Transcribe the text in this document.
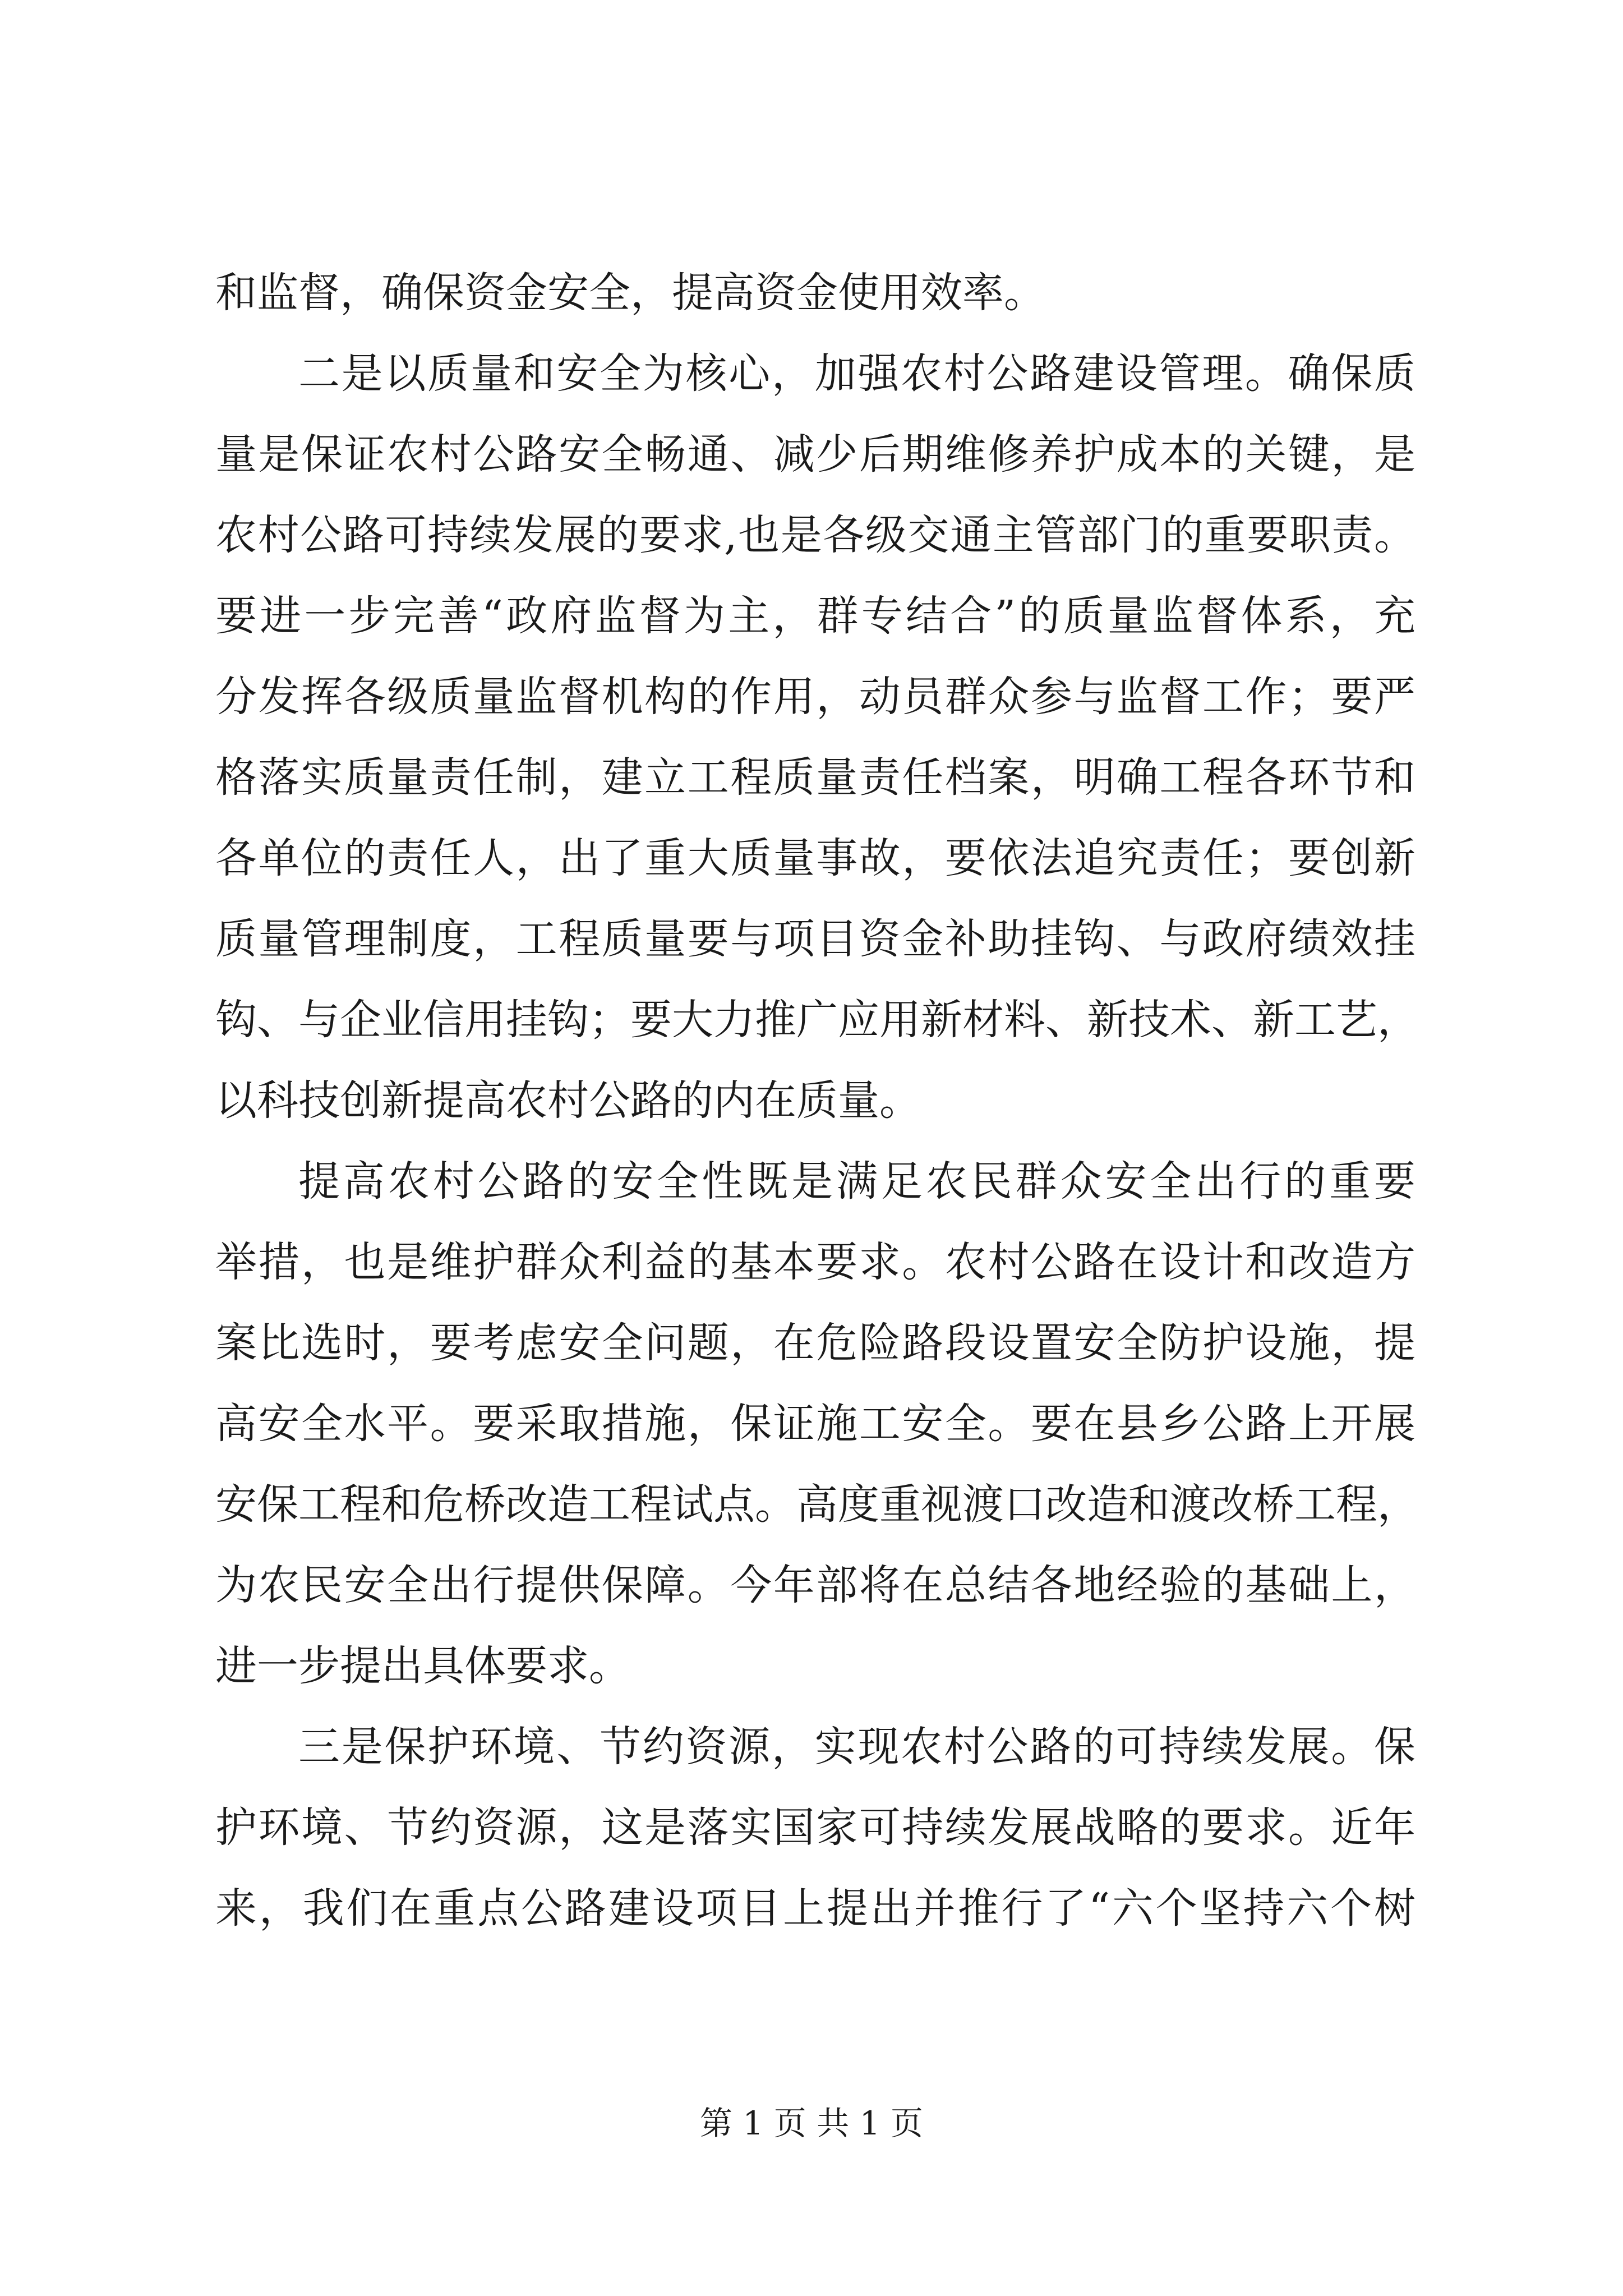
和监督，确保资金安全，提高资金使用效率。
二是以质量和安全为核心，加强农村公路建设管理。确保质
量是保证农村公路安全畅通、减少后期维修养护成本的关键，是
农村公路可持续发展的要求,也是各级交通主管部门的重要职责。
要进一步完善“政府监督为主，群专结合”的质量监督体系，充
分发挥各级质量监督机构的作用，动员群众参与监督工作；要严
格落实质量责任制，建立工程质量责任档案，明确工程各环节和
各单位的责任人，出了重大质量事故，要依法追究责任；要创新
质量管理制度，工程质量要与项目资金补助挂钩、与政府绩效挂
钩、与企业信用挂钩；要大力推广应用新材料、新技术、新工艺，
以科技创新提高农村公路的内在质量。
提高农村公路的安全性既是满足农民群众安全出行的重要
举措，也是维护群众利益的基本要求。农村公路在设计和改造方
案比选时，要考虑安全问题，在危险路段设置安全防护设施，提
高安全水平。要采取措施，保证施工安全。要在县乡公路上开展
安保工程和危桥改造工程试点。高度重视渡口改造和渡改桥工程，
为农民安全出行提供保障。今年部将在总结各地经验的基础上，
进一步提出具体要求。
三是保护环境、节约资源，实现农村公路的可持续发展。保
护环境、节约资源，这是落实国家可持续发展战略的要求。近年
来，我们在重点公路建设项目上提出并推行了“六个坚持六个树
第 1 页 共 1 页
